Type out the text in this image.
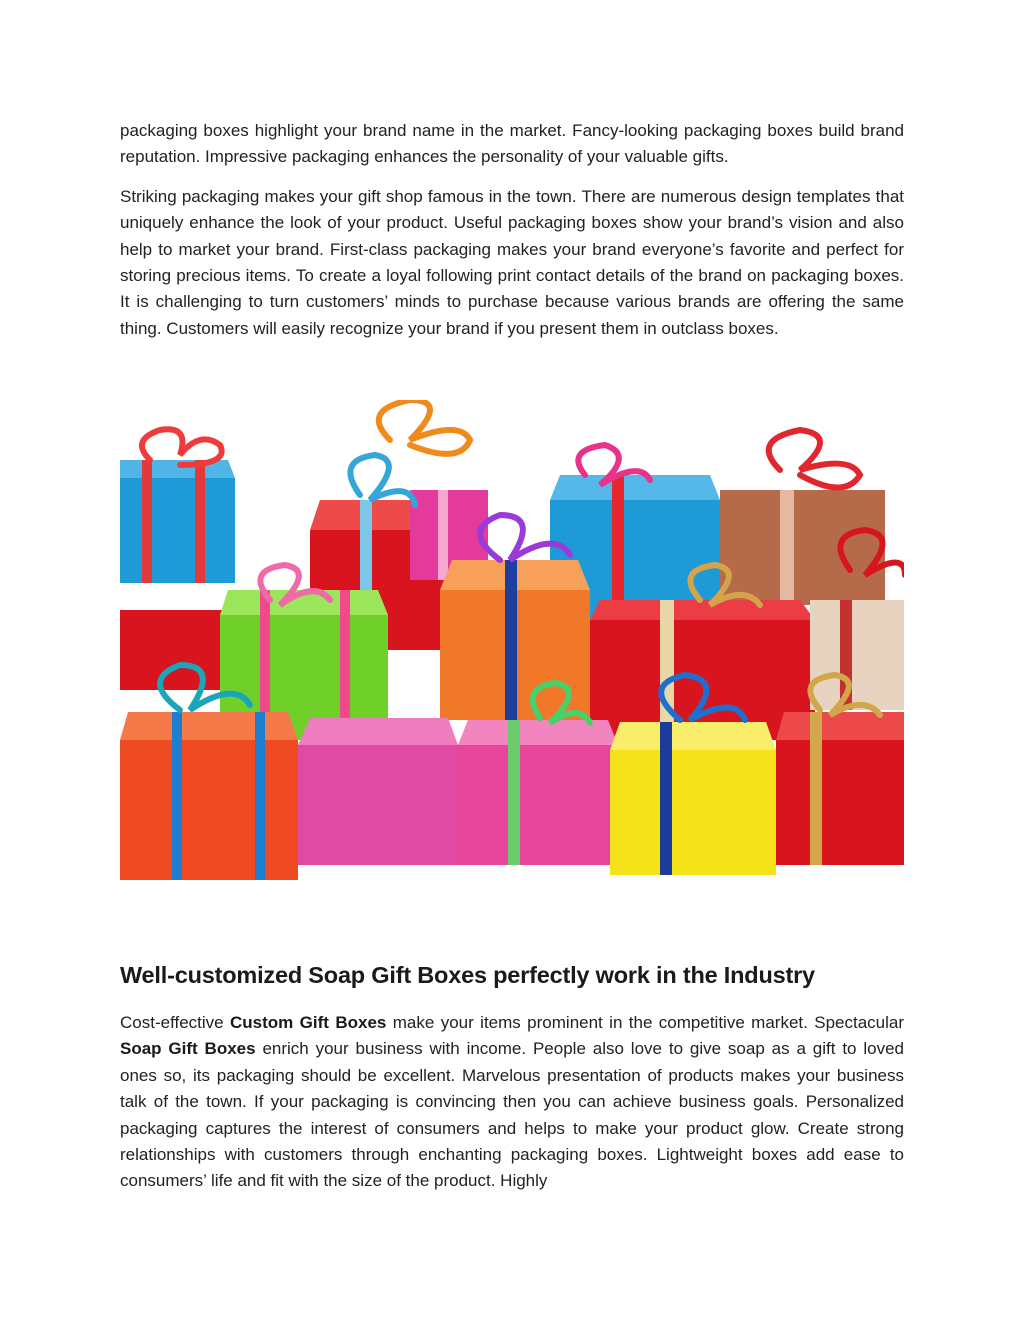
packaging boxes highlight your brand name in the market. Fancy-looking packaging boxes build brand reputation. Impressive packaging enhances the personality of your valuable gifts.

Striking packaging makes your gift shop famous in the town. There are numerous design templates that uniquely enhance the look of your product. Useful packaging boxes show your brand’s vision and also help to market your brand. First-class packaging makes your brand everyone’s favorite and perfect for storing precious items. To create a loyal following print contact details of the brand on packaging boxes. It is challenging to turn customers’ minds to purchase because various brands are offering the same thing. Customers will easily recognize your brand if you present them in outclass boxes.

Well-customized Soap Gift Boxes perfectly work in the Industry

Cost-effective Custom Gift Boxes make your items prominent in the competitive market. Spectacular Soap Gift Boxes enrich your business with income. People also love to give soap as a gift to loved ones so, its packaging should be excellent. Marvelous presentation of products makes your business talk of the town. If your packaging is convincing then you can achieve business goals. Personalized packaging captures the interest of consumers and helps to make your product glow. Create strong relationships with customers through enchanting packaging boxes. Lightweight boxes add ease to consumers’ life and fit with the size of the product. Highly
